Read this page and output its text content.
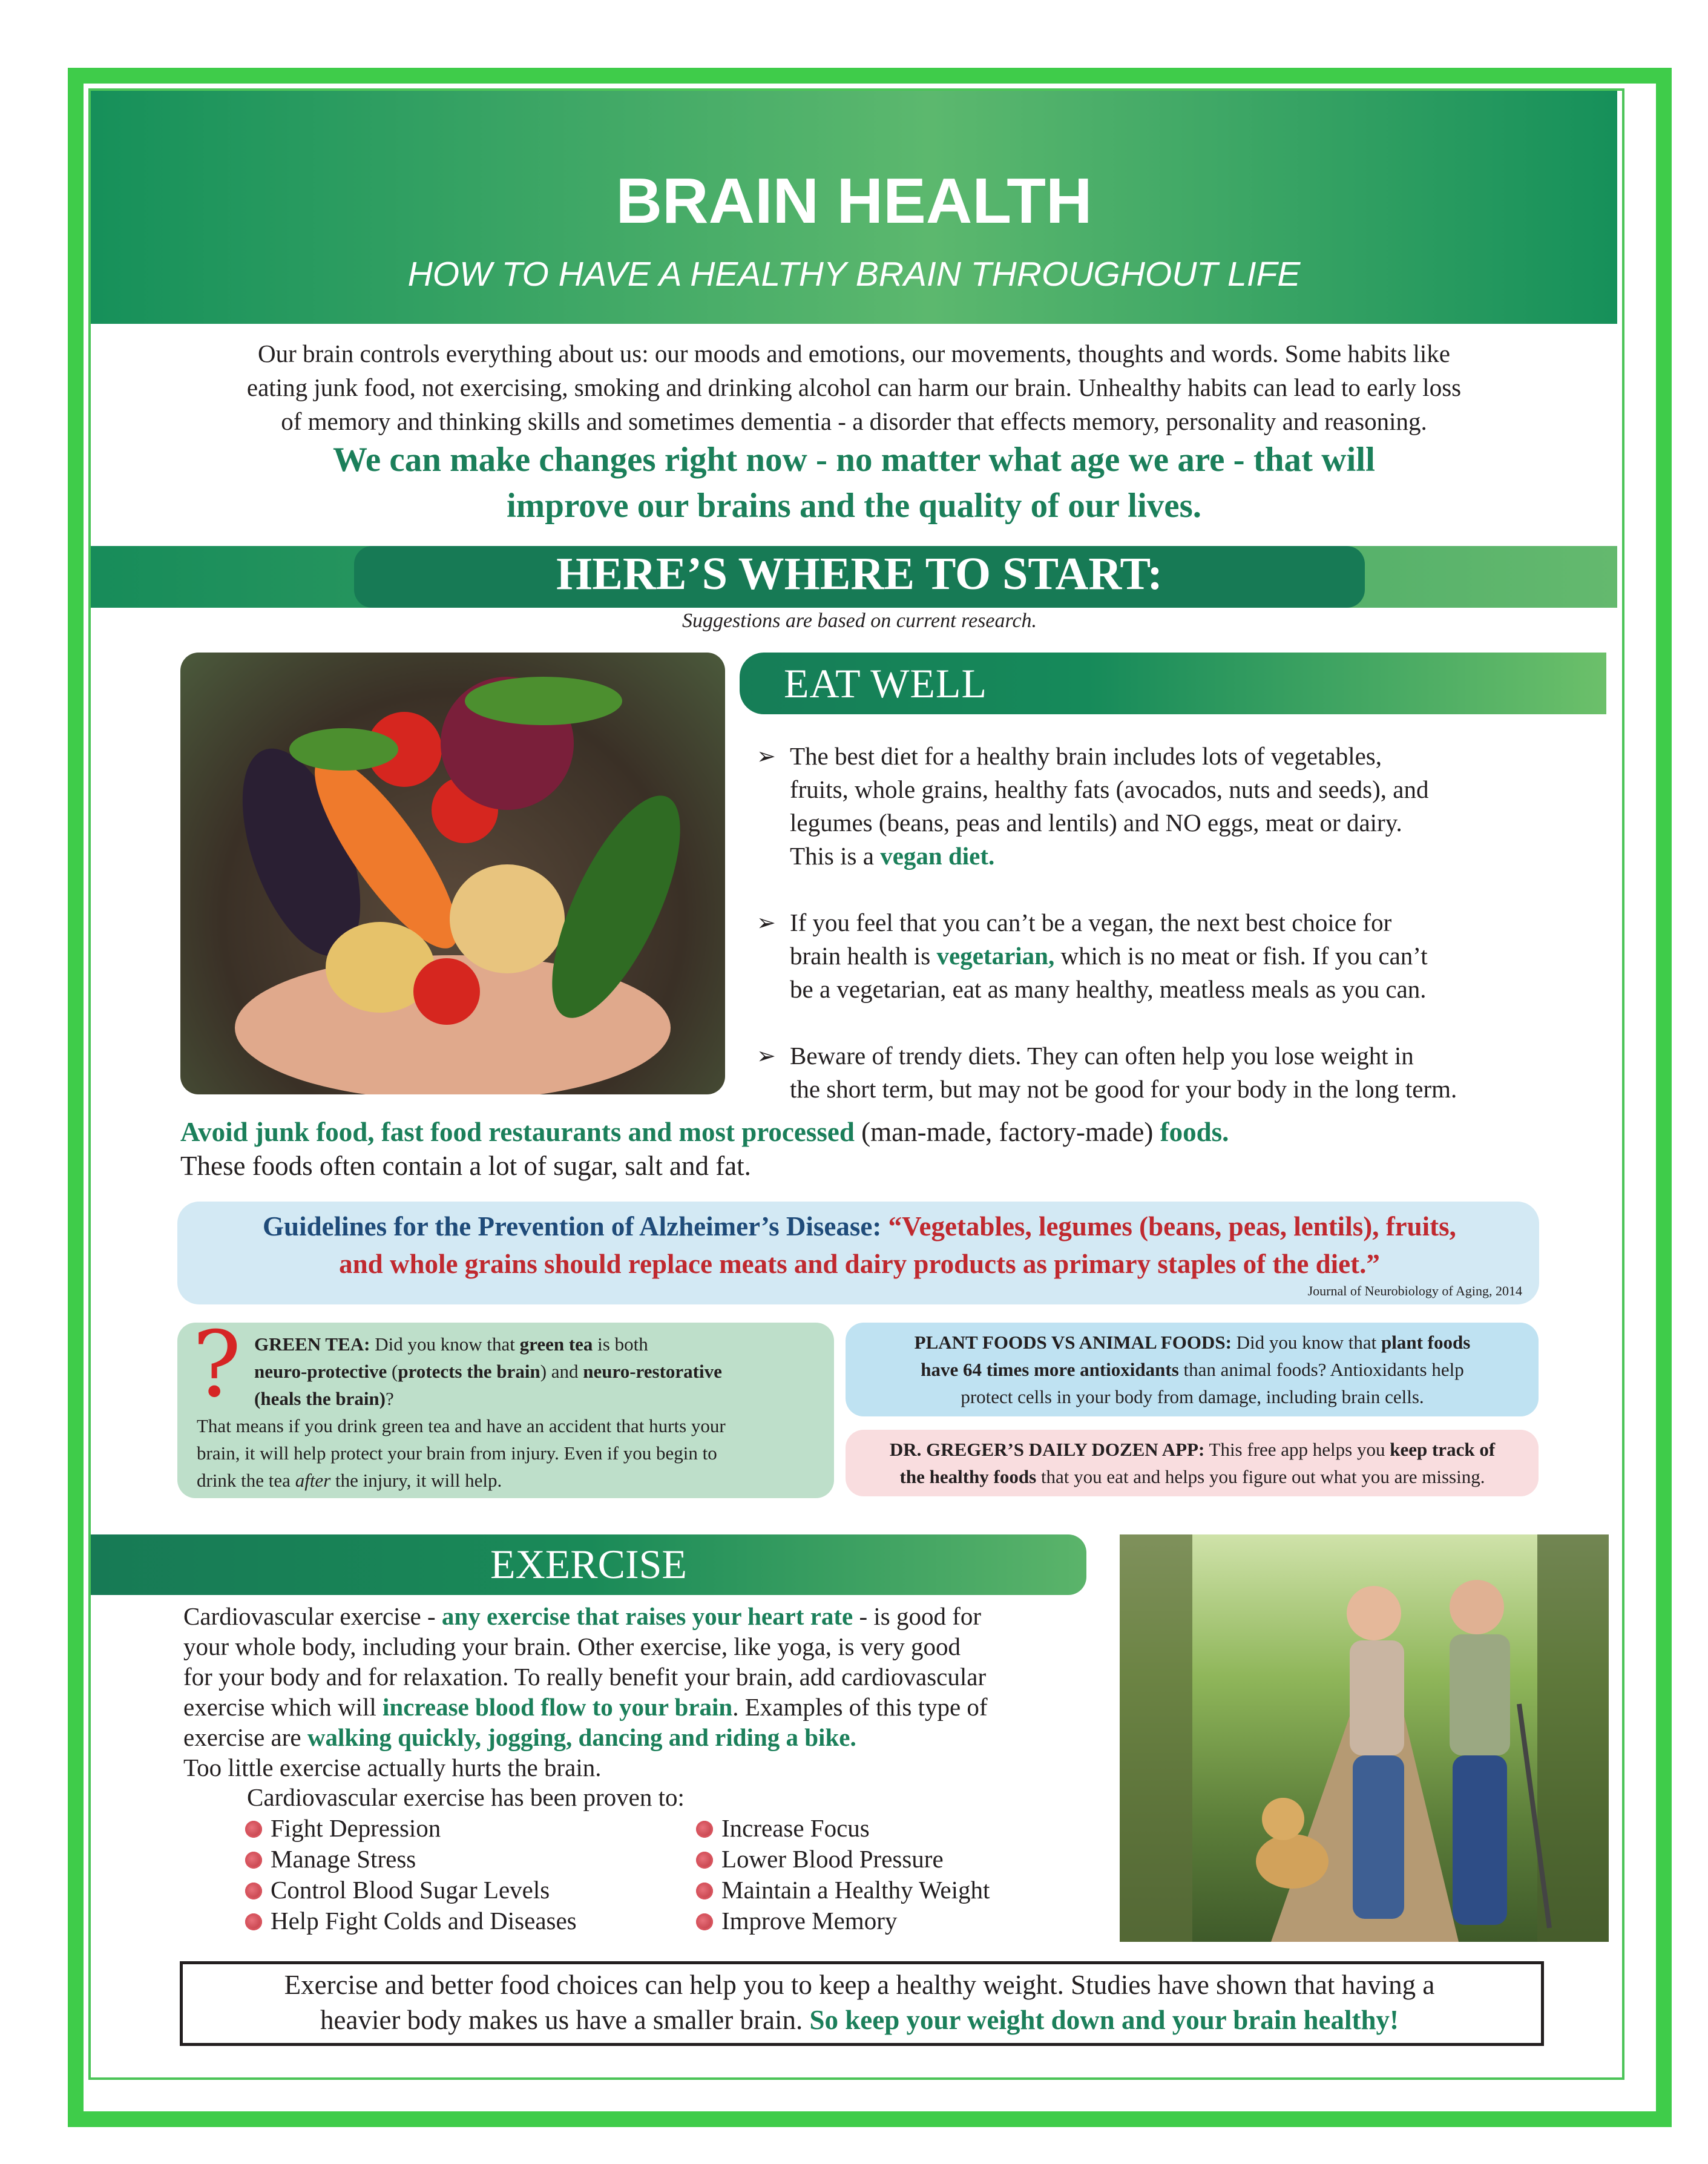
BRAIN HEALTH
HOW TO HAVE A HEALTHY BRAIN THROUGHOUT LIFE
Our brain controls everything about us: our moods and emotions, our movements, thoughts and words. Some habits like
eating junk food, not exercising, smoking and drinking alcohol can harm our brain. Unhealthy habits can lead to early loss
of memory and thinking skills and sometimes dementia - a disorder that effects memory, personality and reasoning.
We can make changes right now - no matter what age we are - that will
improve our brains and the quality of our lives.
HERE’S WHERE TO START:
Suggestions are based on current research.
EAT WELL
➢ The best diet for a healthy brain includes lots of vegetables,
fruits, whole grains, healthy fats (avocados, nuts and seeds), and
legumes (beans, peas and lentils) and NO eggs, meat or dairy.
This is a vegan diet.
➢ If you feel that you can’t be a vegan, the next best choice for
brain health is vegetarian, which is no meat or fish. If you can’t
be a vegetarian, eat as many healthy, meatless meals as you can.
➢ Beware of trendy diets. They can often help you lose weight in
the short term, but may not be good for your body in the long term.
Avoid junk food, fast food restaurants and most processed (man-made, factory-made) foods.
These foods often contain a lot of sugar, salt and fat.
Guidelines for the Prevention of Alzheimer’s Disease: “Vegetables, legumes (beans, peas, lentils), fruits,
and whole grains should replace meats and dairy products as primary staples of the diet.”
Journal of Neurobiology of Aging, 2014
? GREEN TEA: Did you know that green tea is both
neuro-protective (protects the brain) and neuro-restorative
(heals the brain)?
That means if you drink green tea and have an accident that hurts your
brain, it will help protect your brain from injury. Even if you begin to
drink the tea after the injury, it will help.
PLANT FOODS VS ANIMAL FOODS: Did you know that plant foods
have 64 times more antioxidants than animal foods? Antioxidants help
protect cells in your body from damage, including brain cells.
DR. GREGER’S DAILY DOZEN APP: This free app helps you keep track of
the healthy foods that you eat and helps you figure out what you are missing.
EXERCISE
Cardiovascular exercise - any exercise that raises your heart rate - is good for
your whole body, including your brain. Other exercise, like yoga, is very good
for your body and for relaxation. To really benefit your brain, add cardiovascular
exercise which will increase blood flow to your brain. Examples of this type of
exercise are walking quickly, jogging, dancing and riding a bike.
Too little exercise actually hurts the brain.
Cardiovascular exercise has been proven to:
Fight Depression
Manage Stress
Control Blood Sugar Levels
Help Fight Colds and Diseases
Increase Focus
Lower Blood Pressure
Maintain a Healthy Weight
Improve Memory
Exercise and better food choices can help you to keep a healthy weight. Studies have shown that having a
heavier body makes us have a smaller brain. So keep your weight down and your brain healthy!
